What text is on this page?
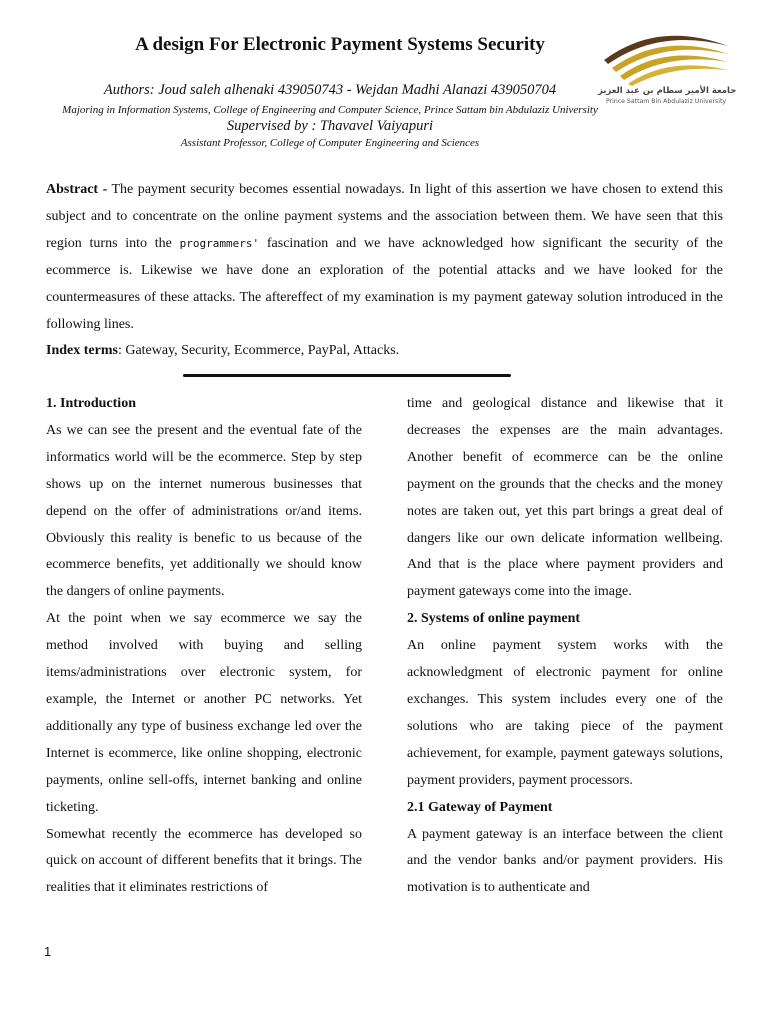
A design For Electronic Payment Systems Security
Authors: Joud saleh alhenaki 439050743 - Wejdan Madhi Alanazi 439050704
Majoring in Information Systems, College of Engineering and Computer Science, Prince Sattam bin Abdulaziz University
Supervised by : Thavavel Vaiyapuri
Assistant Professor, College of Computer Engineering and Sciences
جامعة الأمير سطام بن عبد العزيز
Prince Sattam Bin Abdulaziz University

Abstract - The payment security becomes essential nowadays. In light of this assertion we have chosen to extend this subject and to concentrate on the online payment systems and the association between them. We have seen that this region turns into the programmers' fascination and we have acknowledged how significant the security of the ecommerce is. Likewise we have done an exploration of the potential attacks and we have looked for the countermeasures of these attacks. The aftereffect of my examination is my payment gateway solution introduced in the following lines.

Index terms: Gateway, Security, Ecommerce, PayPal, Attacks.

1. Introduction

As we can see the present and the eventual fate of the informatics world will be the ecommerce. Step by step shows up on the internet numerous businesses that depend on the offer of administrations or/and items. Obviously this reality is benefic to us because of the ecommerce benefits, yet additionally we should know the dangers of online payments.

At the point when we say ecommerce we say the method involved with buying and selling items/administrations over electronic system, for example, the Internet or another PC networks. Yet additionally any type of business exchange led over the Internet is ecommerce, like online shopping, electronic payments, online sell-offs, internet banking and online ticketing.

Somewhat recently the ecommerce has developed so quick on account of different benefits that it brings. The realities that it eliminates restrictions of

time and geological distance and likewise that it decreases the expenses are the main advantages. Another benefit of ecommerce can be the online payment on the grounds that the checks and the money notes are taken out, yet this part brings a great deal of dangers like our own delicate information wellbeing. And that is the place where payment providers and payment gateways come into the image.

2. Systems of online payment

An online payment system works with the acknowledgment of electronic payment for online exchanges. This system includes every one of the solutions who are taking piece of the payment achievement, for example, payment gateways solutions, payment providers, payment processors.

2.1 Gateway of Payment

A payment gateway is an interface between the client and the vendor banks and/or payment providers. His motivation is to authenticate and

1
